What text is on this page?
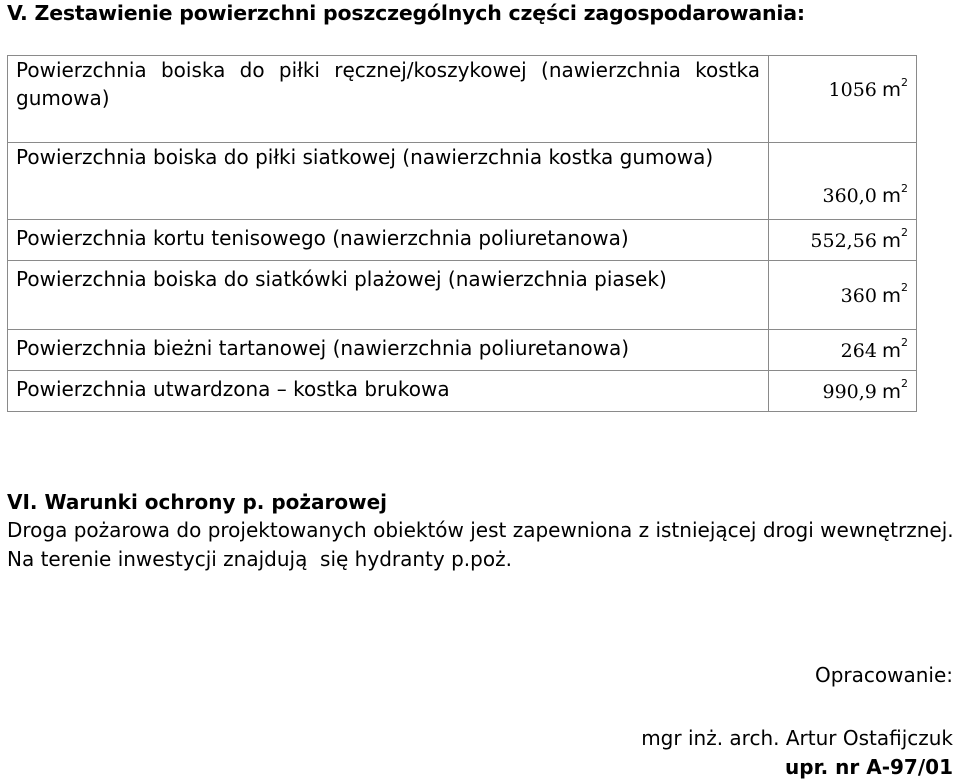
V. Zestawienie powierzchni poszczególnych części zagospodarowania:
Powierzchnia boiska do piłki ręcznej/koszykowej (nawierzchnia kostka gumowa)	1056 $m^2$
Powierzchnia boiska do piłki siatkowej (nawierzchnia kostka gumowa)	360,0 $m^2$
Powierzchnia kortu tenisowego (nawierzchnia poliuretanowa)	552,56 $m^2$
Powierzchnia boiska do siatkówki plażowej (nawierzchnia piasek)	360 $m^2$
Powierzchnia bieżni tartanowej (nawierzchnia poliuretanowa)	264 $m^2$
Powierzchnia utwardzona – kostka brukowa	990,9 $m^2$
VI. Warunki ochrony p. pożarowej

Droga pożarowa do projektowanych obiektów jest zapewniona z istniejącej drogi wewnętrznej.

Na terenie inwestycji znajdują  się hydranty p.poż.

Opracowanie:
mgr inż. arch. Artur Ostafijczuk
upr. nr A-97/01
